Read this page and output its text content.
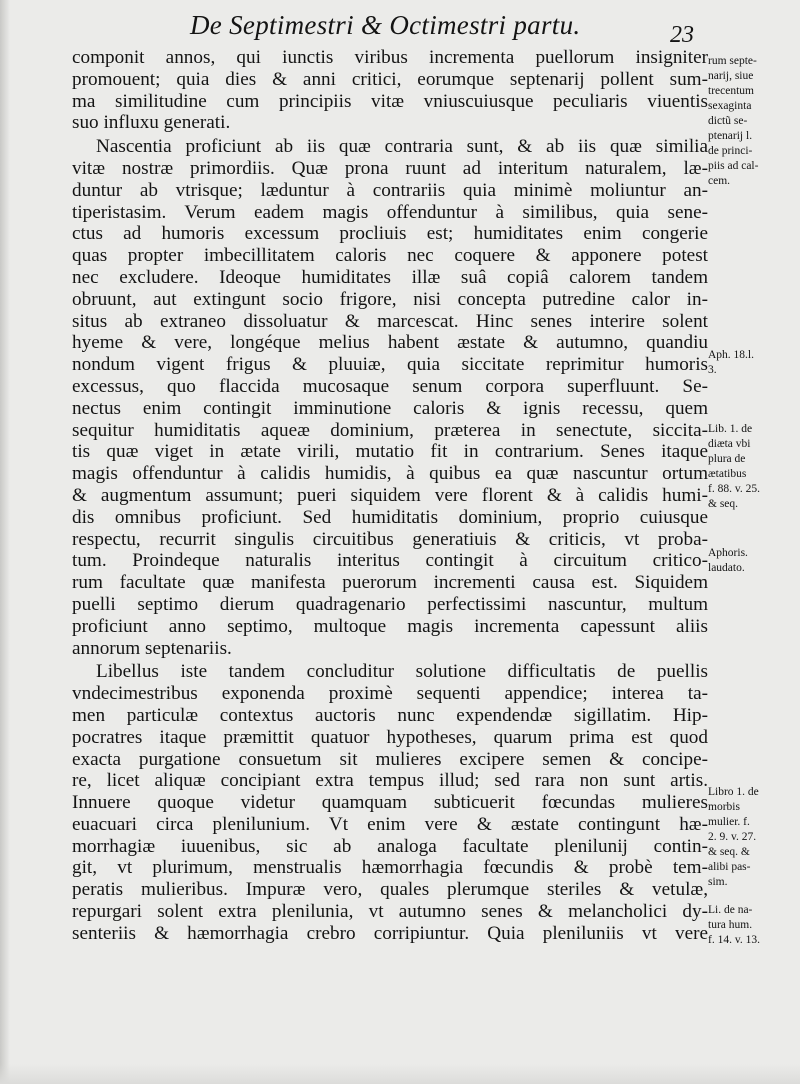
De Septimestri & Octimestri partu.	23
componit annos, qui iunctis viribus incrementa puellorum insigniter
promouent; quia dies & anni critici, eorumque septenarij pollent sum-
ma similitudine cum principiis vitæ vniuscuiusque peculiaris viuentis
suo influxu generati.
Nascentia proficiunt ab iis quæ contraria sunt, & ab iis quæ similia
vitæ nostræ primordiis. Quæ prona ruunt ad interitum naturalem, læ-
duntur ab vtrisque; læduntur à contrariis quia minimè moliuntur an-
tiperistasim. Verum eadem magis offenduntur à similibus, quia sene-
ctus ad humoris excessum procliuis est; humiditates enim congerie
quas propter imbecillitatem caloris nec coquere & apponere potest
nec excludere. Ideoque humiditates illæ suâ copiâ calorem tandem
obruunt, aut extingunt socio frigore, nisi concepta putredine calor in-
situs ab extraneo dissoluatur & marcescat. Hinc senes interire solent
hyeme & vere, longéque melius habent æstate & autumno, quandiu
nondum vigent frigus & pluuiæ, quia siccitate reprimitur humoris
excessus, quo flaccida mucosaque senum corpora superfluunt. Se-
nectus enim contingit imminutione caloris & ignis recessu, quem
sequitur humiditatis aqueæ dominium, præterea in senectute, siccita-
tis quæ viget in ætate virili, mutatio fit in contrarium. Senes itaque
magis offenduntur à calidis humidis, à quibus ea quæ nascuntur ortum
& augmentum assumunt; pueri siquidem vere florent & à calidis humi-
dis omnibus proficiunt. Sed humiditatis dominium, proprio cuiusque
respectu, recurrit singulis circuitibus generatiuis & criticis, vt proba-
tum. Proindeque naturalis interitus contingit à circuitum critico-
rum facultate quæ manifesta puerorum incrementi causa est. Siquidem
puelli septimo dierum quadragenario perfectissimi nascuntur, multum
proficiunt anno septimo, multoque magis incrementa capessunt aliis
annorum septenariis.
Libellus iste tandem concluditur solutione difficultatis de puellis
vndecimestribus exponenda proximè sequenti appendice; interea ta-
men particulæ contextus auctoris nunc expendendæ sigillatim. Hip-
pocratres itaque præmittit quatuor hypotheses, quarum prima est quod
exacta purgatione consuetum sit mulieres excipere semen & concipe-
re, licet aliquæ concipiant extra tempus illud; sed rara non sunt artis.
Innuere quoque videtur quamquam subticuerit fœcundas mulieres
euacuari circa plenilunium. Vt enim vere & æstate contingunt hæ-
morrhagiæ iuuenibus, sic ab analoga facultate plenilunij contin-
git, vt plurimum, menstrualis hæmorrhagia fœcundis & probè tem-
peratis mulieribus. Impuræ vero, quales plerumque steriles & vetulæ,
repurgari solent extra plenilunia, vt autumno senes & melancholici dy-
senteriis & hæmorrhagia crebro corripiuntur. Quia pleniluniis vt vere
rum septe-
narij, siue
trecentum
sexaginta
dictũ se-
ptenarij l.
de princi-
piis ad cal-
cem.
Aph. 18.l.
3.
Lib. 1. de
diæta vbi
plura de
ætatibus
f. 88. v. 25.
& seq.
Aphoris.
laudato.
Libro 1. de
morbis
mulier. f.
2. 9. v. 27.
& seq. &
alibi pas-
sim.
Li. de na-
tura hum.
f. 14. v. 13.
